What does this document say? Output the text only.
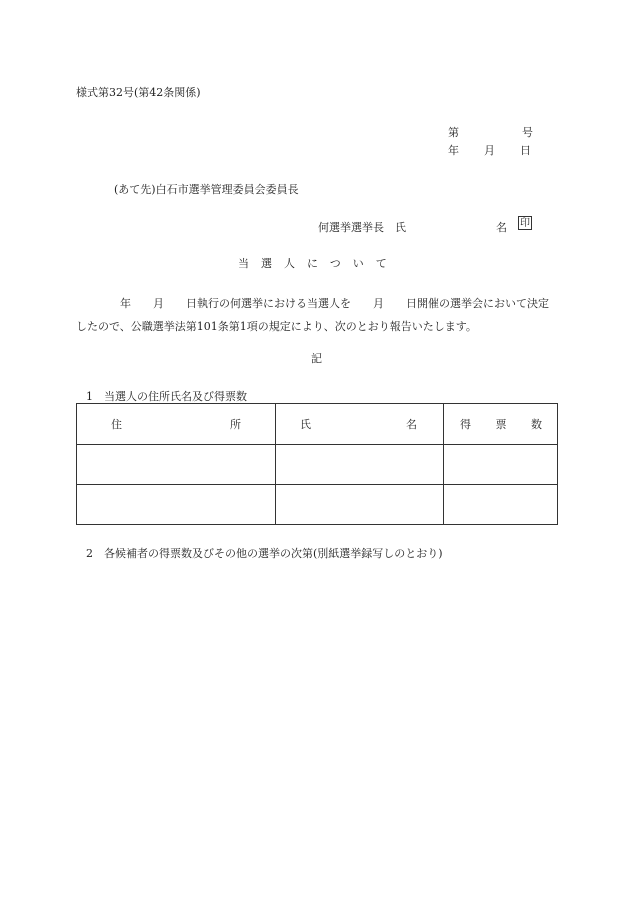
様式第32号(第42条関係)
第	号
年 月 日
(あて先)白石市選挙管理委員会委員長
何選挙選挙長　氏	名 印
当選人について
　　　　年　　月　　日執行の何選挙における当選人を　　月　　日開催の選挙会において決定したので、公職選挙法第101条第1項の規定により、次のとおり報告いたします。
記
1　当選人の住所氏名及び得票数
住 所	氏 名	得 票 数

2　各候補者の得票数及びその他の選挙の次第(別紙選挙録写しのとおり)
